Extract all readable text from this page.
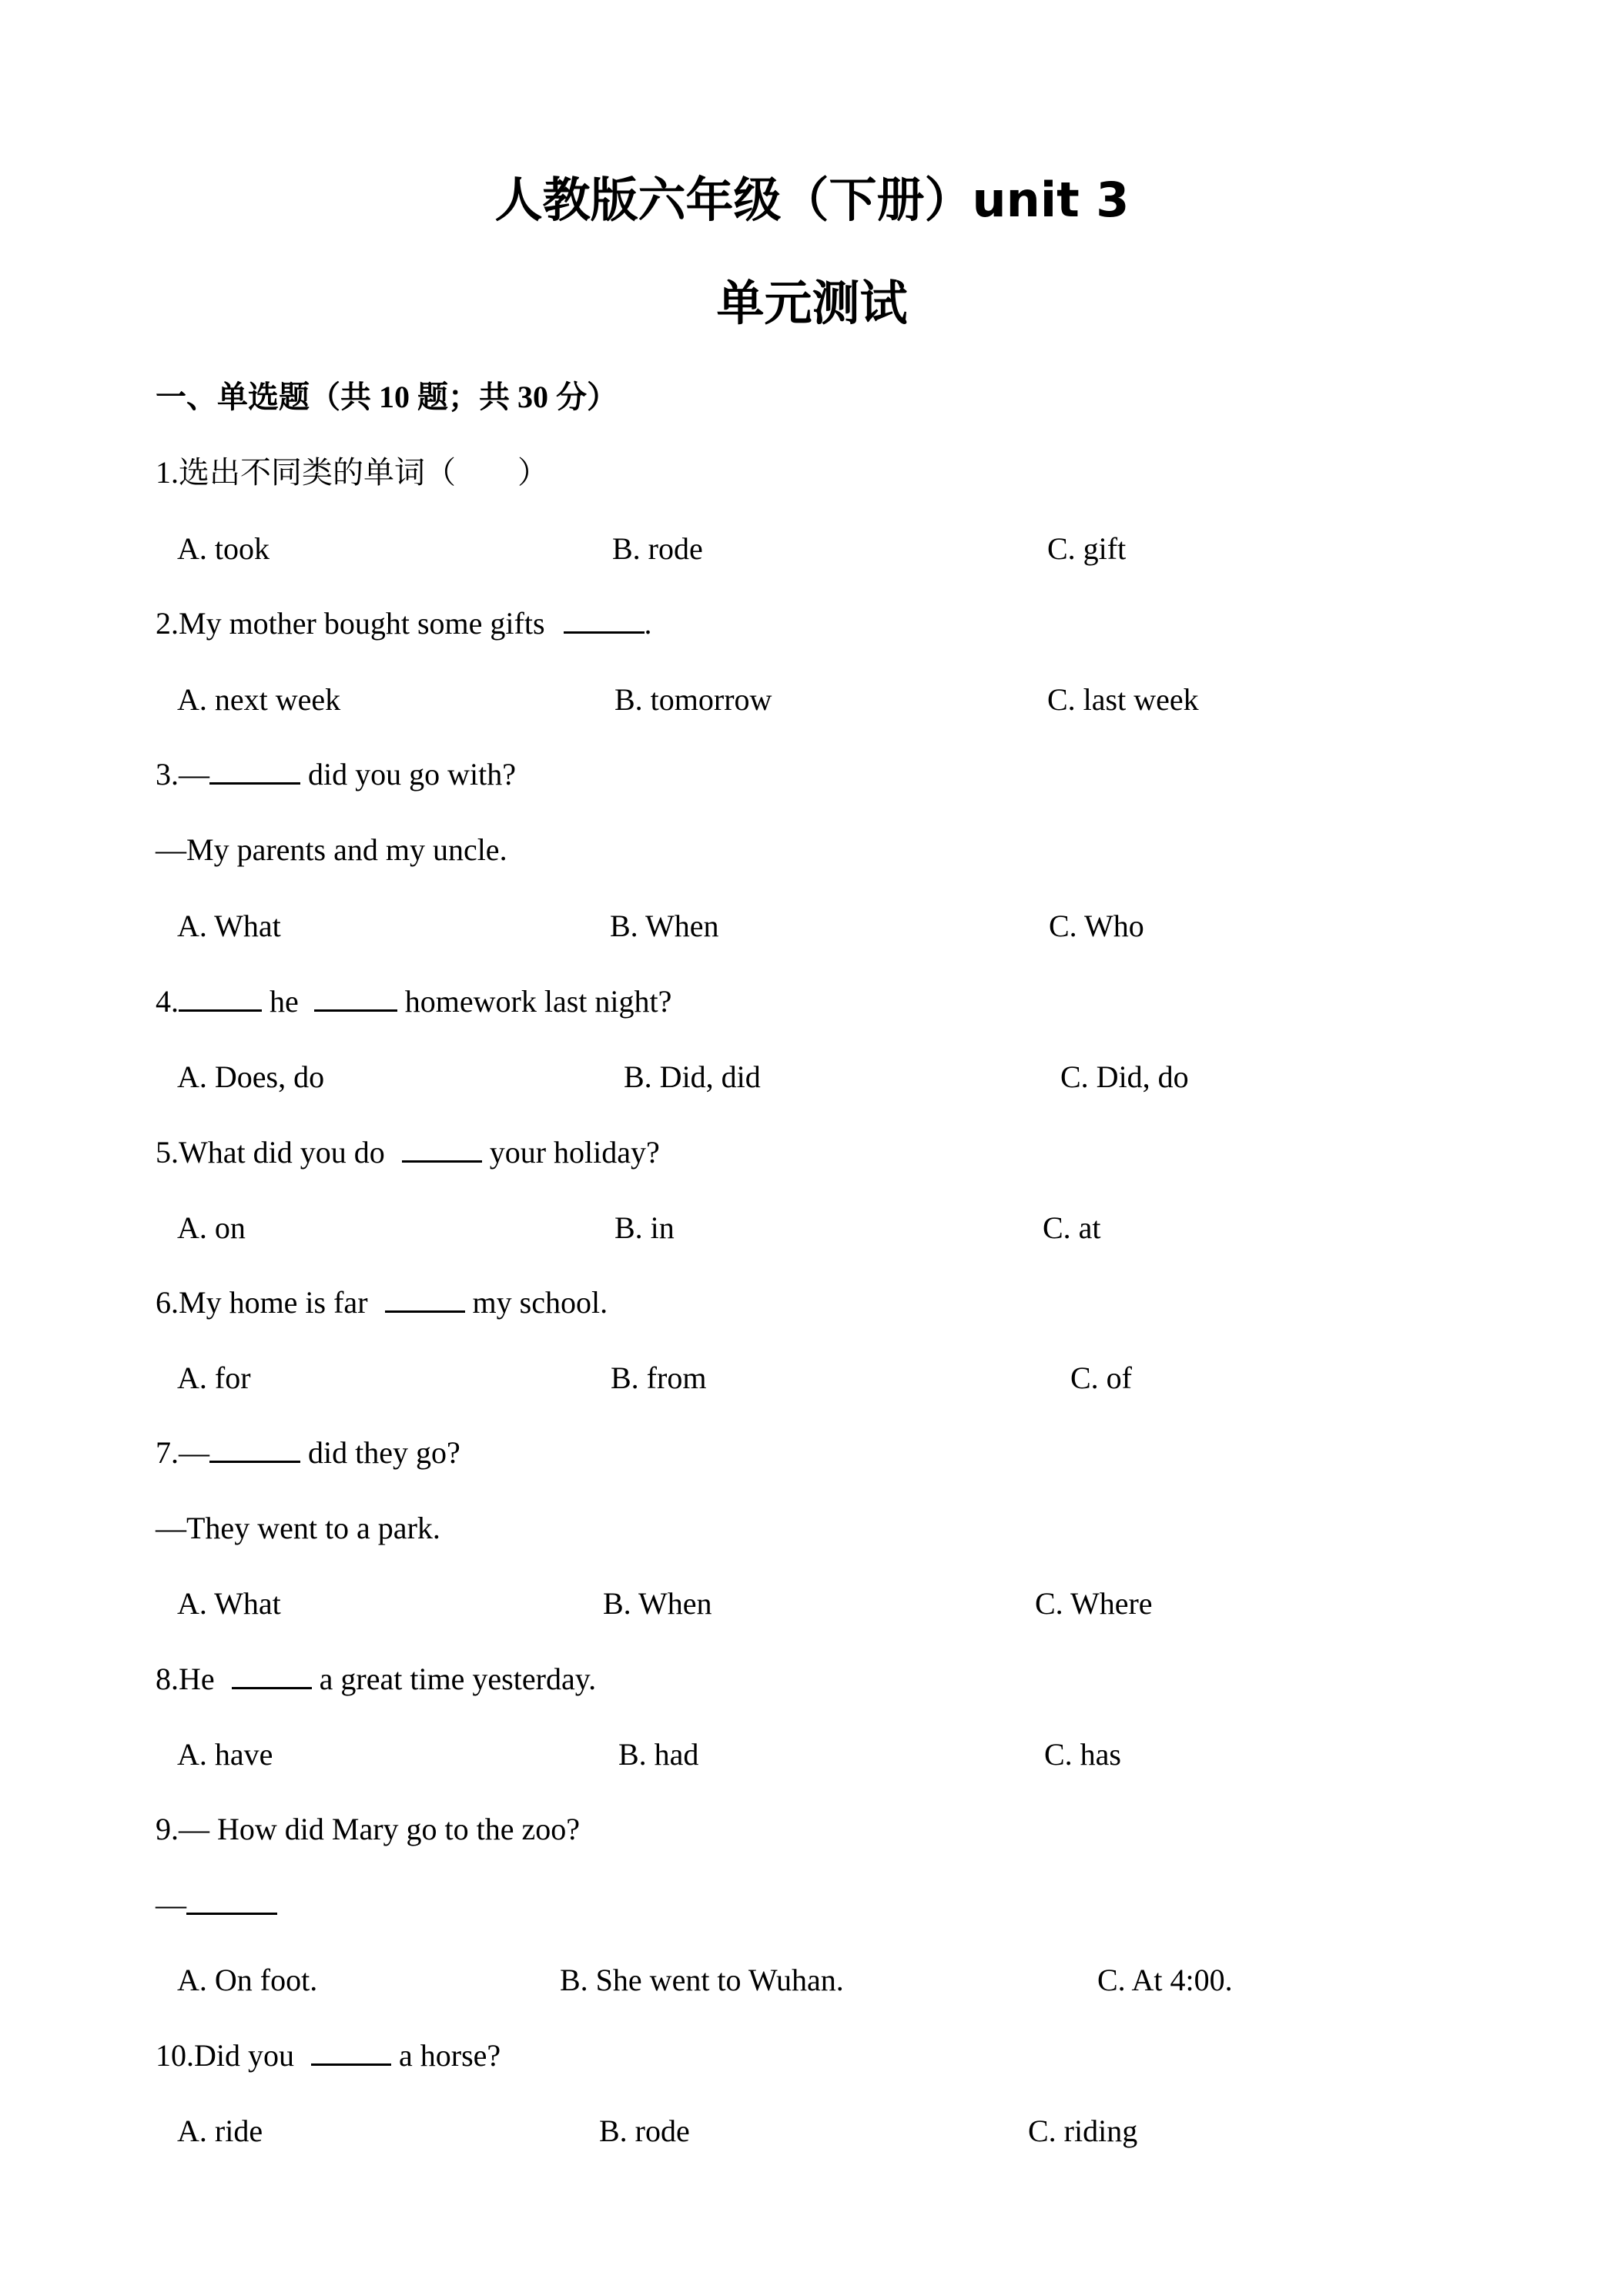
人教版六年级（下册）unit 3
单元测试
一、单选题（共 10 题；共 30 分）
1.选出不同类的单词（　　）
A. took	B. rode	C. gift
2.My mother bought some gifts	.
A. next week	B. tomorrow	C. last week
3.—	did you go with?
—My parents and my uncle.
A. What	B. When	C. Who
4.	he	homework last night?
A. Does, do	B. Did, did	C. Did, do
5.What did you do	your holiday?
A. on	B. in	C. at
6.My home is far	my school.
A. for	B. from	C. of
7.—	did they go?
—They went to a park.
A. What	B. When	C. Where
8.He	a great time yesterday.
A. have	B. had	C. has
9.— How did Mary go to the zoo?
—
A. On foot.	B. She went to Wuhan.	C. At 4:00.
10.Did you	a horse?
A. ride	B. rode	C. riding
